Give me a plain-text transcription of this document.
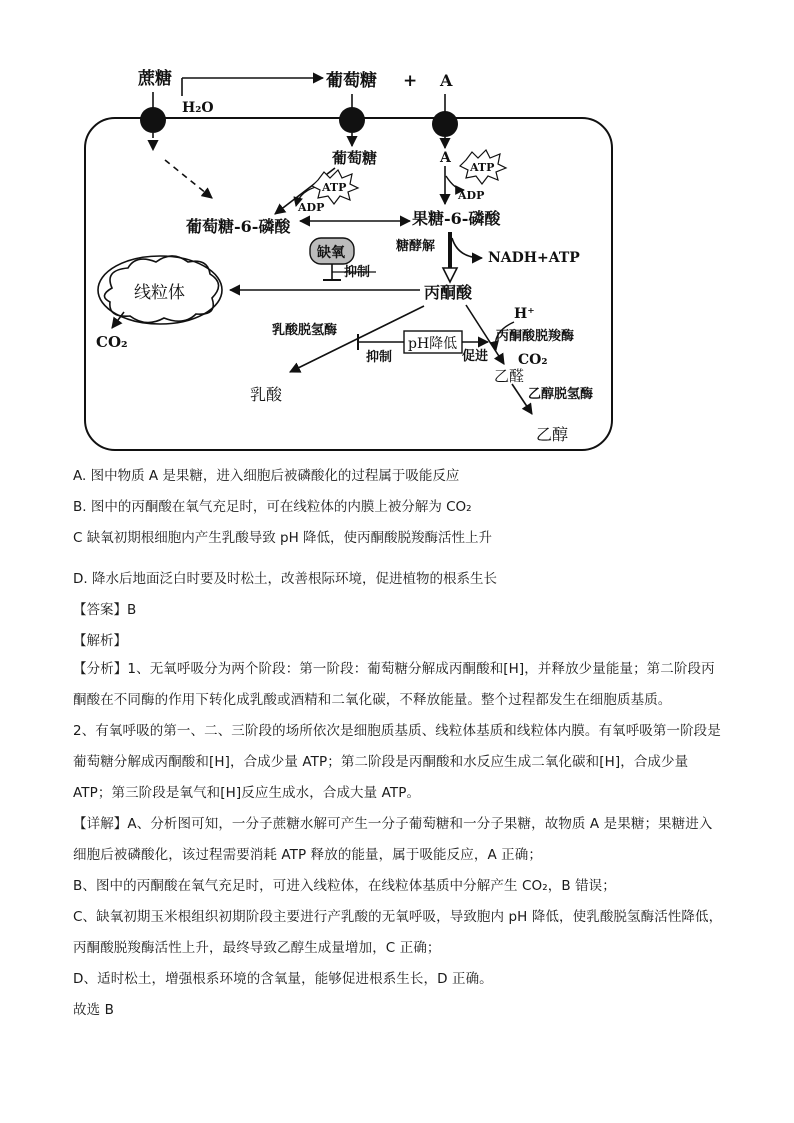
蔗糖
H₂O
葡萄糖 + A
葡萄糖
ATP
ADP
A
ATP
ADP
葡萄糖-6-磷酸	果糖-6-磷酸
糖酵解
NADH+ATP
缺氧
抑制
丙酮酸
线粒体
CO₂
乳酸脱氢酶
乳酸
pH降低
抑制	促进
H⁺
丙酮酸脱羧酶
CO₂
乙醛
乙醇脱氢酶
乙醇
A. 图中物质 A 是果糖，进入细胞后被磷酸化的过程属于吸能反应
B. 图中的丙酮酸在氧气充足时，可在线粒体的内膜上被分解为 CO₂
C 缺氧初期根细胞内产生乳酸导致 pH 降低，使丙酮酸脱羧酶活性上升
D. 降水后地面泛白时要及时松土，改善根际环境，促进植物的根系生长
【答案】B
【解析】
【分析】1、无氧呼吸分为两个阶段：第一阶段：葡萄糖分解成丙酮酸和[H]，并释放少量能量；第二阶段丙酮酸在不同酶的作用下转化成乳酸或酒精和二氧化碳，不释放能量。整个过程都发生在细胞质基质。
2、有氧呼吸的第一、二、三阶段的场所依次是细胞质基质、线粒体基质和线粒体内膜。有氧呼吸第一阶段是葡萄糖分解成丙酮酸和[H]，合成少量 ATP；第二阶段是丙酮酸和水反应生成二氧化碳和[H]，合成少量 ATP；第三阶段是氧气和[H]反应生成水，合成大量 ATP。
【详解】A、分析图可知，一分子蔗糖水解可产生一分子葡萄糖和一分子果糖，故物质 A 是果糖；果糖进入细胞后被磷酸化，该过程需要消耗 ATP 释放的能量，属于吸能反应，A 正确；
B、图中的丙酮酸在氧气充足时，可进入线粒体，在线粒体基质中分解产生 CO₂，B 错误；
C、缺氧初期玉米根组织初期阶段主要进行产乳酸的无氧呼吸，导致胞内 pH 降低，使乳酸脱氢酶活性降低，丙酮酸脱羧酶活性上升，最终导致乙醇生成量增加，C 正确；
D、适时松土，增强根系环境的含氧量，能够促进根系生长，D 正确。
故选 B
